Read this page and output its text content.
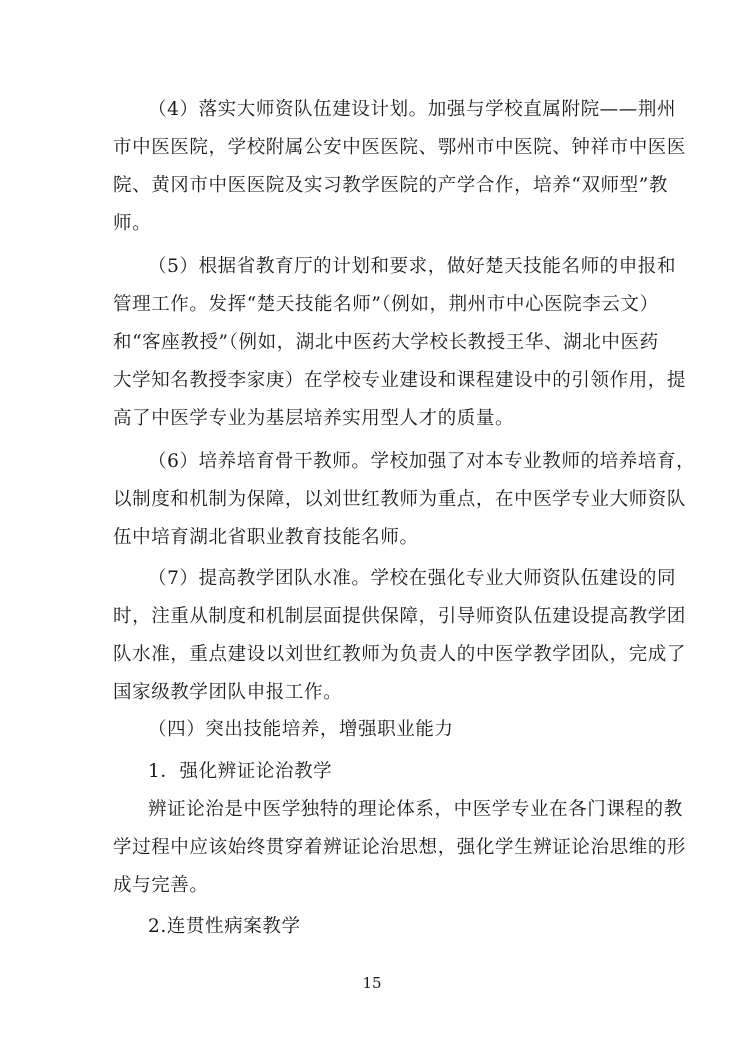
（4）落实大师资队伍建设计划。加强与学校直属附院——荆州
市中医医院，学校附属公安中医医院、鄂州市中医院、钟祥市中医医
院、黄冈市中医医院及实习教学医院的产学合作，培养“双师型”教
师。
（5）根据省教育厅的计划和要求，做好楚天技能名师的申报和
管理工作。发挥“楚天技能名师”（例如，荆州市中心医院李云文）
和“客座教授”（例如，湖北中医药大学校长教授王华、湖北中医药
大学知名教授李家庚）在学校专业建设和课程建设中的引领作用，提
高了中医学专业为基层培养实用型人才的质量。
（6）培养培育骨干教师。学校加强了对本专业教师的培养培育，
以制度和机制为保障，以刘世红教师为重点，在中医学专业大师资队
伍中培育湖北省职业教育技能名师。
（7）提高教学团队水准。学校在强化专业大师资队伍建设的同
时，注重从制度和机制层面提供保障，引导师资队伍建设提高教学团
队水准，重点建设以刘世红教师为负责人的中医学教学团队，完成了
国家级教学团队申报工作。
（四）突出技能培养，增强职业能力
1．强化辨证论治教学
辨证论治是中医学独特的理论体系，中医学专业在各门课程的教
学过程中应该始终贯穿着辨证论治思想，强化学生辨证论治思维的形
成与完善。
2.连贯性病案教学
15
